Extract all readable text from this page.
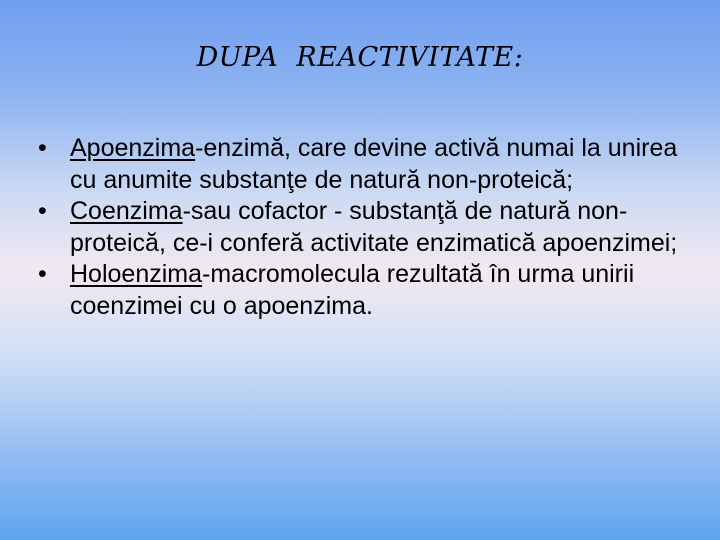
DUPA  REACTIVITATE:
• Apoenzima-enzimă, care devine activă numai la unirea cu anumite substanţe de natură non-proteică;
• Coenzima-sau cofactor - substanţă de natură non-proteică, ce-i conferă activitate enzimatică apoenzimei;
• Holoenzima-macromolecula rezultată în urma unirii coenzimei cu o apoenzima.
